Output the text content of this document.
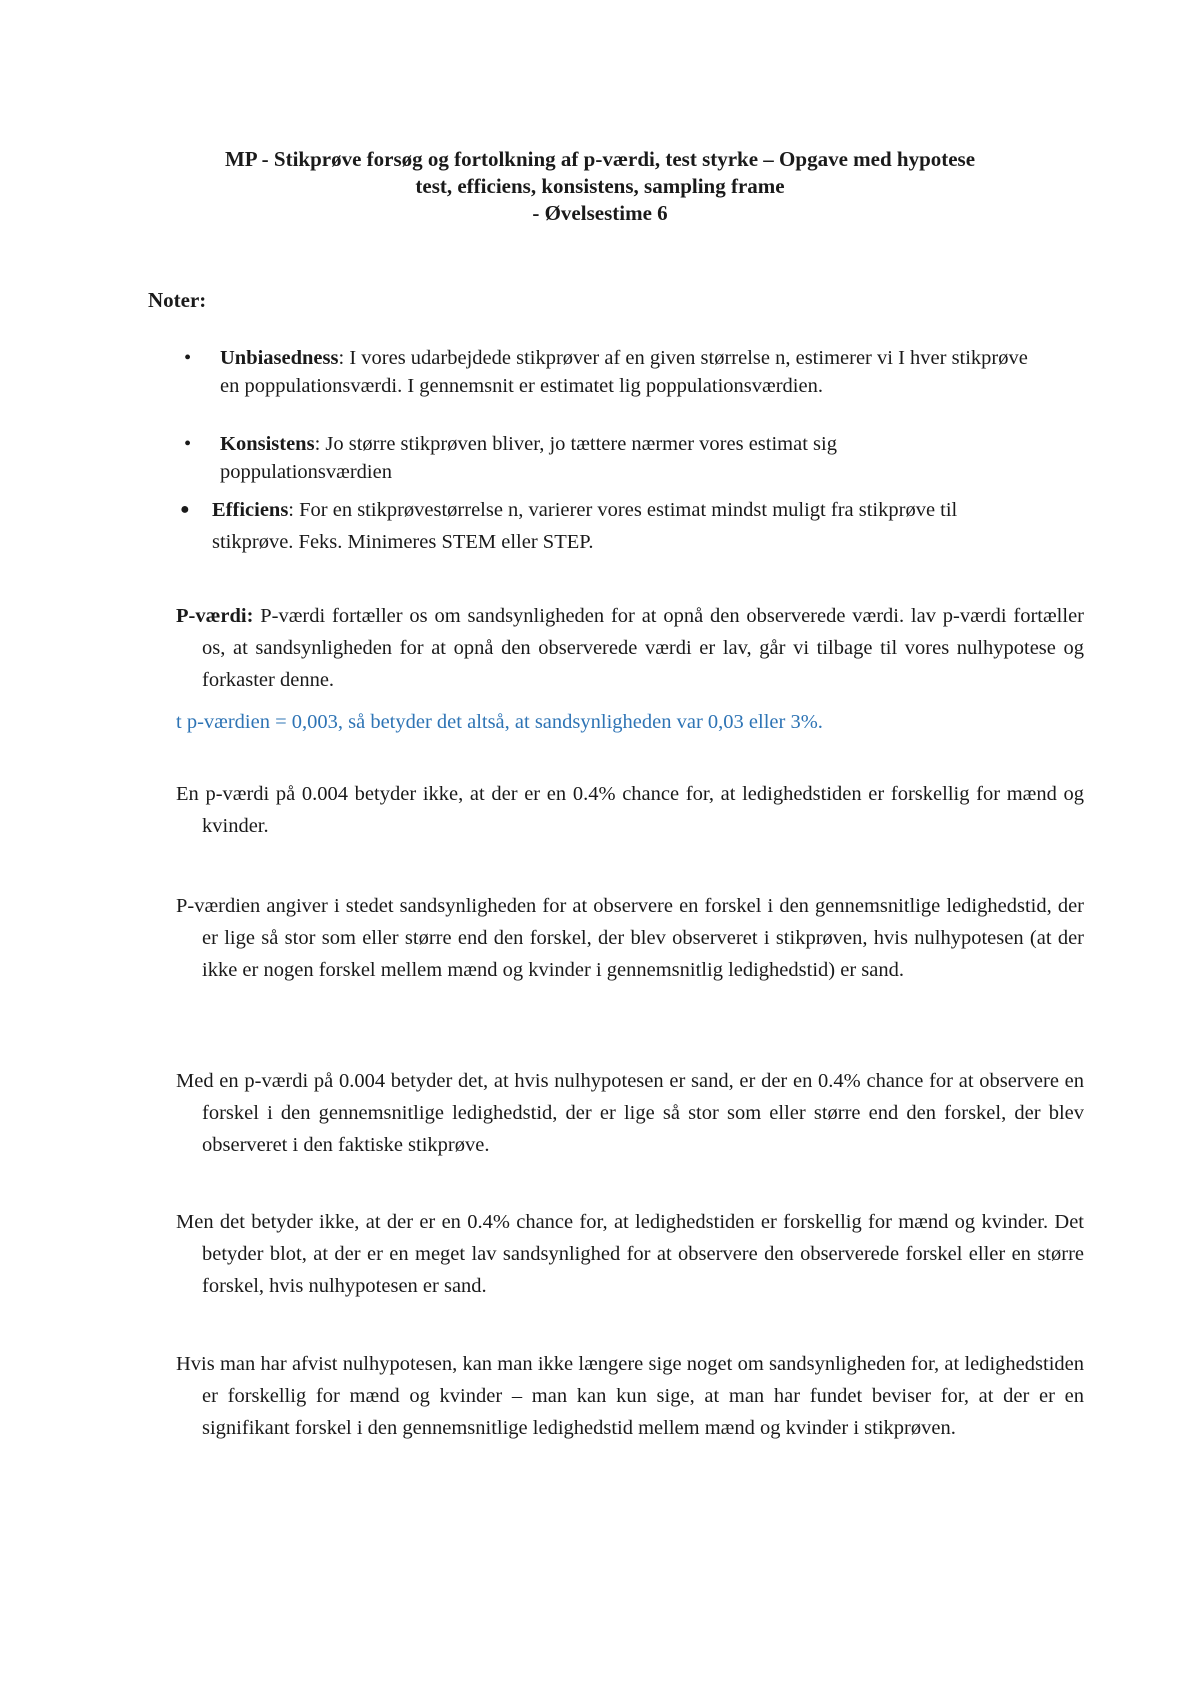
MP - Stikprøve forsøg og fortolkning af p-værdi, test styrke – Opgave med hypotese
test, efficiens, konsistens, sampling frame
- Øvelsestime 6
Noter:
• Unbiasedness: I vores udarbejdede stikprøver af en given størrelse n, estimerer vi I hver stikprøve en poppulationsværdi. I gennemsnit er estimatet lig poppulationsværdien.
• Konsistens: Jo større stikprøven bliver, jo tættere nærmer vores estimat sig poppulationsværdien
● Efficiens: For en stikprøvestørrelse n, varierer vores estimat mindst muligt fra stikprøve til stikprøve. Feks. Minimeres STEM eller STEP.
P-værdi: P-værdi fortæller os om sandsynligheden for at opnå den observerede værdi. lav p-værdi fortæller os, at sandsynligheden for at opnå den observerede værdi er lav, går vi tilbage til vores nulhypotese og forkaster denne.
t p-værdien = 0,003, så betyder det altså, at sandsynligheden var 0,03 eller 3%.
En p-værdi på 0.004 betyder ikke, at der er en 0.4% chance for, at ledighedstiden er forskellig for mænd og kvinder.
P-værdien angiver i stedet sandsynligheden for at observere en forskel i den gennemsnitlige ledighedstid, der er lige så stor som eller større end den forskel, der blev observeret i stikprøven, hvis nulhypotesen (at der ikke er nogen forskel mellem mænd og kvinder i gennemsnitlig ledighedstid) er sand.
Med en p-værdi på 0.004 betyder det, at hvis nulhypotesen er sand, er der en 0.4% chance for at observere en forskel i den gennemsnitlige ledighedstid, der er lige så stor som eller større end den forskel, der blev observeret i den faktiske stikprøve.
Men det betyder ikke, at der er en 0.4% chance for, at ledighedstiden er forskellig for mænd og kvinder. Det betyder blot, at der er en meget lav sandsynlighed for at observere den observerede forskel eller en større forskel, hvis nulhypotesen er sand.
Hvis man har afvist nulhypotesen, kan man ikke længere sige noget om sandsynligheden for, at ledighedstiden er forskellig for mænd og kvinder – man kan kun sige, at man har fundet beviser for, at der er en signifikant forskel i den gennemsnitlige ledighedstid mellem mænd og kvinder i stikprøven.
